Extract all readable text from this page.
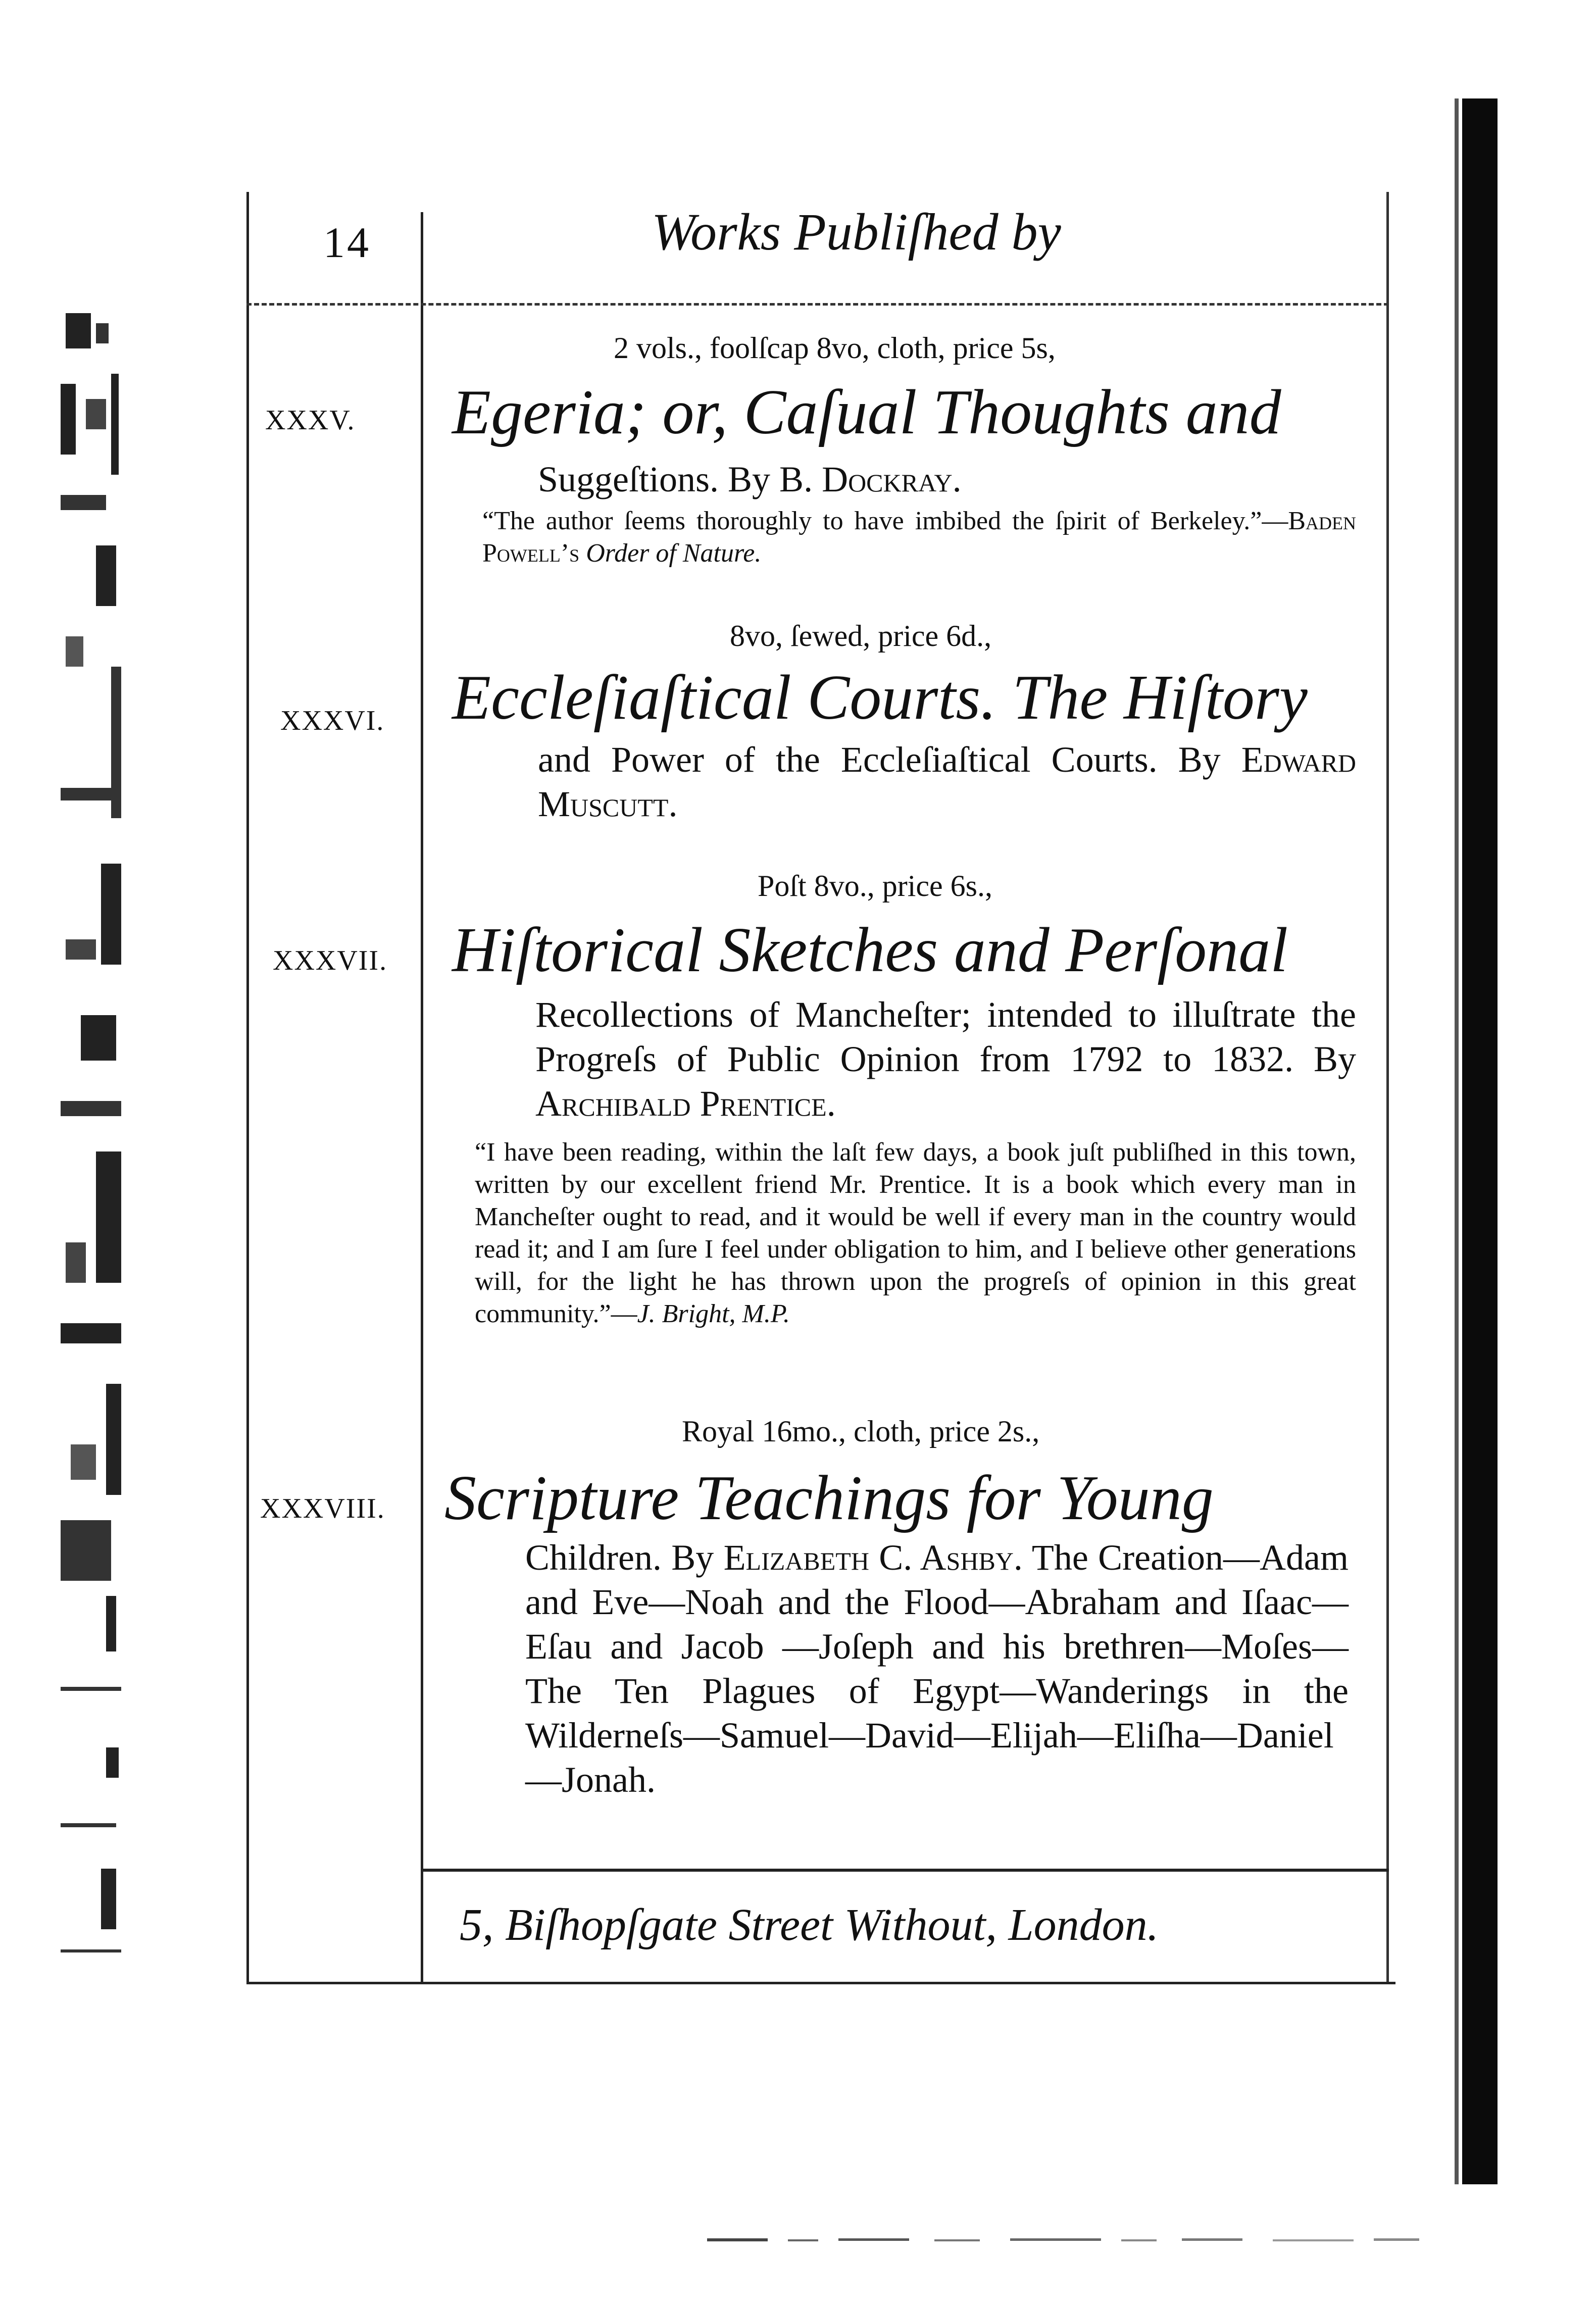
14	Works Publiſhed by
XXXV.
2 vols., foolſcap 8vo, cloth, price 5s,
Egeria; or, Caſual Thoughts and
Suggeſtions. By B. Dockray.
“The author ſeems thoroughly to have imbibed the ſpirit of Berkeley.”—Baden Powell’s Order of Nature.
XXXVI.
8vo, ſewed, price 6d.,
Eccleſiaſtical Courts. The Hiſtory
and Power of the Eccleſiaſtical Courts. By Edward Muscutt.
XXXVII.
Poſt 8vo., price 6s.,
Hiſtorical Sketches and Perſonal
Recollections of Mancheſter; intended to illuſtrate the Progreſs of Public Opinion from 1792 to 1832. By Archibald Prentice.
“I have been reading, within the laſt few days, a book juſt publiſhed in this town, written by our excellent friend Mr. Prentice. It is a book which every man in Mancheſter ought to read, and it would be well if every man in the country would read it; and I am ſure I feel under obligation to him, and I believe other generations will, for the light he has thrown upon the progreſs of opinion in this great community.”—J. Bright, M.P.
XXXVIII.
Royal 16mo., cloth, price 2s.,
Scripture Teachings for Young
Children. By Elizabeth C. Ashby. The Creation—Adam and Eve—Noah and the Flood—Abraham and Iſaac—Eſau and Jacob —Joſeph and his brethren—Moſes—The Ten Plagues of Egypt—Wanderings in the Wilderneſs—Samuel—David—Elijah—Eliſha—Daniel—Jonah.
5, Biſhopſgate Street Without, London.
